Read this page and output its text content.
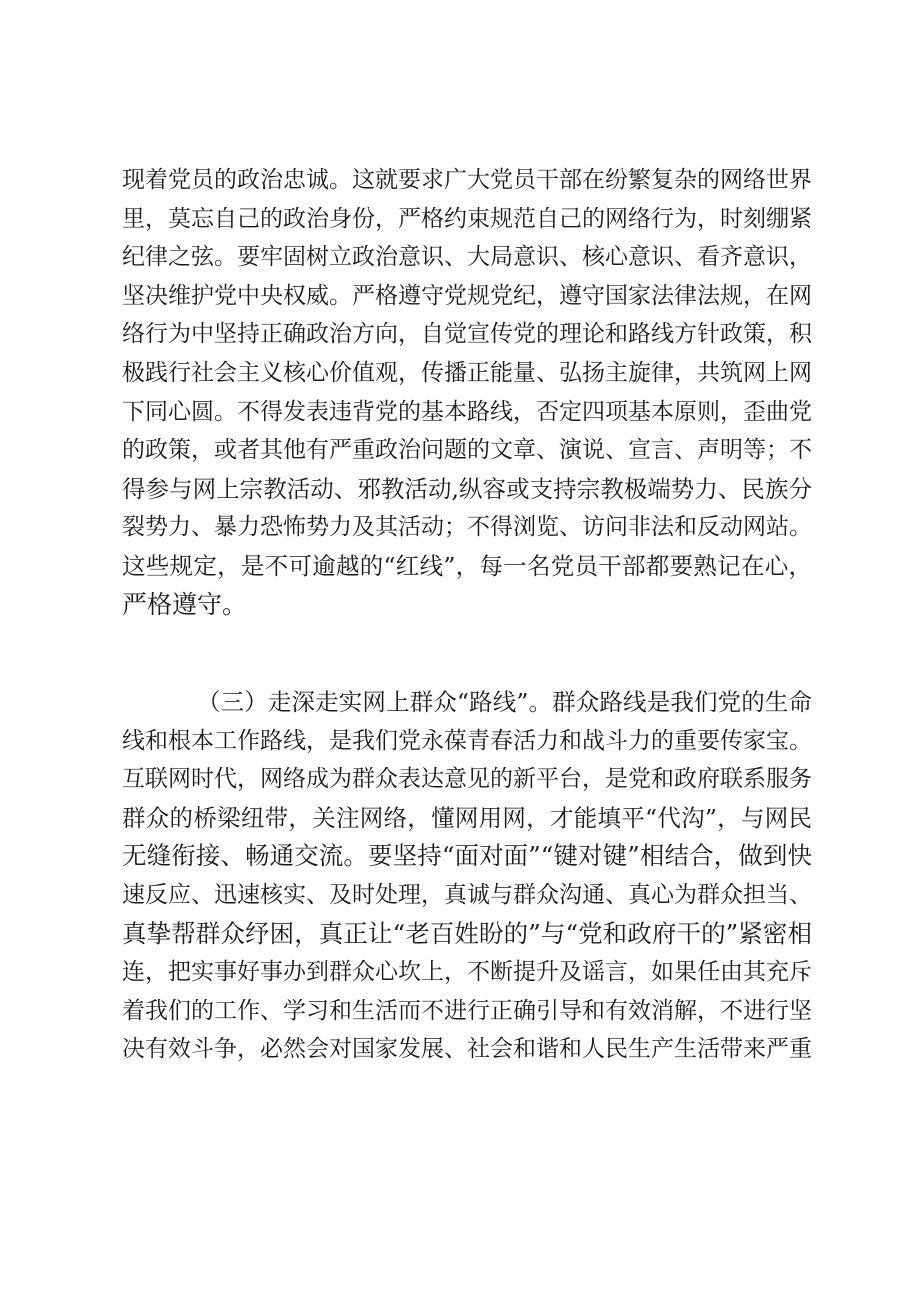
现着党员的政治忠诚。这就要求广大党员干部在纷繁复杂的网络世界
里，莫忘自己的政治身份，严格约束规范自己的网络行为，时刻绷紧
纪律之弦。要牢固树立政治意识、大局意识、核心意识、看齐意识，
坚决维护党中央权威。严格遵守党规党纪，遵守国家法律法规，在网
络行为中坚持正确政治方向，自觉宣传党的理论和路线方针政策，积
极践行社会主义核心价值观，传播正能量、弘扬主旋律，共筑网上网
下同心圆。不得发表违背党的基本路线，否定四项基本原则，歪曲党
的政策，或者其他有严重政治问题的文章、演说、宣言、声明等；不
得参与网上宗教活动、邪教活动,纵容或支持宗教极端势力、民族分
裂势力、暴力恐怖势力及其活动；不得浏览、访问非法和反动网站。
这些规定，是不可逾越的“红线”，每一名党员干部都要熟记在心，
严格遵守。
（三）走深走实网上群众“路线”。群众路线是我们党的生命
线和根本工作路线，是我们党永葆青春活力和战斗力的重要传家宝。
互联网时代，网络成为群众表达意见的新平台，是党和政府联系服务
群众的桥梁纽带，关注网络，懂网用网，才能填平“代沟”，与网民
无缝衔接、畅通交流。要坚持“面对面”“键对键”相结合，做到快
速反应、迅速核实、及时处理，真诚与群众沟通、真心为群众担当、
真挚帮群众纾困，真正让“老百姓盼的”与“党和政府干的”紧密相
连，把实事好事办到群众心坎上，不断提升及谣言，如果任由其充斥
着我们的工作、学习和生活而不进行正确引导和有效消解，不进行坚
决有效斗争，必然会对国家发展、社会和谐和人民生产生活带来严重
